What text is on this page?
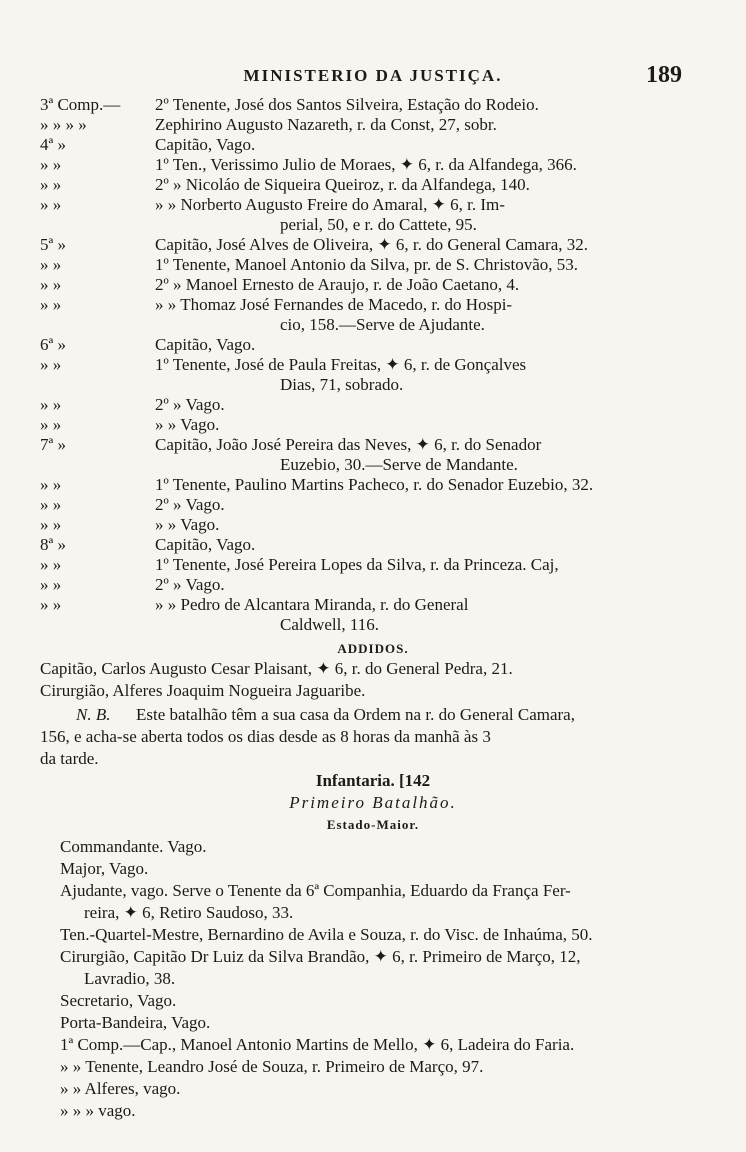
MINISTERIO DA JUSTIÇA.	189
3ª Comp.— 2º Tenente, José dos Santos Silveira, Estação do Rodeio.
» » » »	Zephirino Augusto Nazareth, r. da Const, 27, sobr.
4ª »	Capitão, Vago.
» »	1º Ten., Verissimo Julio de Moraes, ✦ 6, r. da Alfandega, 366.
» »	2º » Nicoláo de Siqueira Queiroz, r. da Alfandega, 140.
» »	» » Norberto Augusto Freire do Amaral, ✦ 6, r. Im-
perial, 50, e r. do Cattete, 95.
5ª »	Capitão, José Alves de Oliveira, ✦ 6, r. do General Camara, 32.
» »	1º Tenente, Manoel Antonio da Silva, pr. de S. Christovão, 53.
» »	2º » Manoel Ernesto de Araujo, r. de João Caetano, 4.
» »	» » Thomaz José Fernandes de Macedo, r. do Hospi-
cio, 158.—Serve de Ajudante.
6ª »	Capitão, Vago.
» »	1º Tenente, José de Paula Freitas, ✦ 6, r. de Gonçalves
Dias, 71, sobrado.
» »	2º » Vago.
» »	» » Vago.
7ª »	Capitão, João José Pereira das Neves, ✦ 6, r. do Senador
Euzebio, 30.—Serve de Mandante.
» »	1º Tenente, Paulino Martins Pacheco, r. do Senador Euzebio, 32.
» »	2º » Vago.
» »	» » Vago.
8ª »	Capitão, Vago.
» »	1º Tenente, José Pereira Lopes da Silva, r. da Princeza. Caj,
» »	2º » Vago.
» »	» » Pedro de Alcantara Miranda, r. do General
Caldwell, 116.
ADDIDOS.
Capitão, Carlos Augusto Cesar Plaisant, ✦ 6, r. do General Pedra, 21.
Cirurgião, Alferes Joaquim Nogueira Jaguaribe.
N. B. Este batalhão têm a sua casa da Ordem na r. do General Camara,
156, e acha-se aberta todos os dias desde as 8 horas da manhã às 3
da tarde.
Infantaria. [142
Primeiro Batalhão.
Estado-Maior.
Commandante. Vago.
Major, Vago.
Ajudante, vago. Serve o Tenente da 6ª Companhia, Eduardo da França Fer-
reira, ✦ 6, Retiro Saudoso, 33.
Ten.-Quartel-Mestre, Bernardino de Avila e Souza, r. do Visc. de Inhaúma, 50.
Cirurgião, Capitão Dr Luiz da Silva Brandão, ✦ 6, r. Primeiro de Março, 12,
Lavradio, 38.
Secretario, Vago.
Porta-Bandeira, Vago.
1ª Comp.—Cap., Manoel Antonio Martins de Mello, ✦ 6, Ladeira do Faria.
» » Tenente, Leandro José de Souza, r. Primeiro de Março, 97.
» » Alferes, vago.
» » » vago.
